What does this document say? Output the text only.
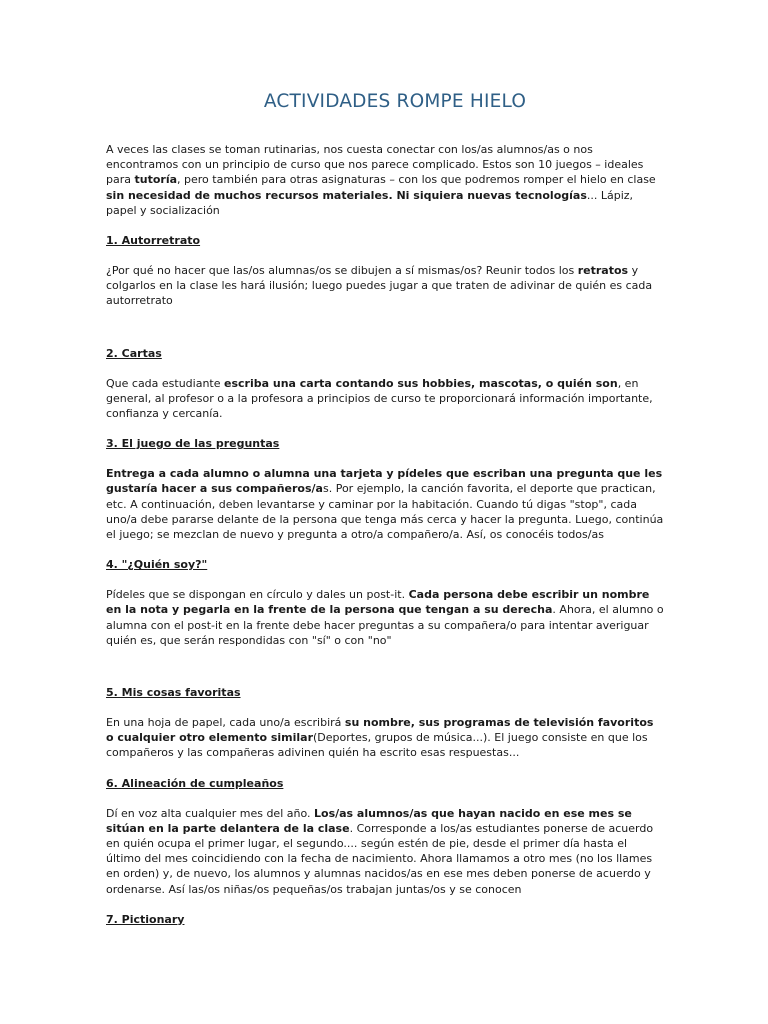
ACTIVIDADES ROMPE HIELO

A veces las clases se toman rutinarias, nos cuesta conectar con los/as alumnos/as o nos encontramos con un principio de curso que nos parece complicado. Estos son 10 juegos – ideales para tutoría, pero también para otras asignaturas – con los que podremos romper el hielo en clase sin necesidad de muchos recursos materiales. Ni siquiera nuevas tecnologías... Lápiz, papel y socialización

1. Autorretrato

¿Por qué no hacer que las/os alumnas/os se dibujen a sí mismas/os? Reunir todos los retratos y colgarlos en la clase les hará ilusión; luego puedes jugar a que traten de adivinar de quién es cada autorretrato

2. Cartas

Que cada estudiante escriba una carta contando sus hobbies, mascotas, o quién son, en general, al profesor o a la profesora a principios de curso te proporcionará información importante, confianza y cercanía.

3. El juego de las preguntas

Entrega a cada alumno o alumna una tarjeta y pídeles que escriban una pregunta que les gustaría hacer a sus compañeros/as. Por ejemplo, la canción favorita, el deporte que practican, etc. A continuación, deben levantarse y caminar por la habitación. Cuando tú digas "stop", cada uno/a debe pararse delante de la persona que tenga más cerca y hacer la pregunta. Luego, continúa el juego; se mezclan de nuevo y pregunta a otro/a compañero/a. Así, os conocéis todos/as

4. "¿Quién soy?"

Pídeles que se dispongan en círculo y dales un post-it. Cada persona debe escribir un nombre en la nota y pegarla en la frente de la persona que tengan a su derecha. Ahora, el alumno o alumna con el post-it en la frente debe hacer preguntas a su compañera/o para intentar averiguar quién es, que serán respondidas con "sí" o con "no"

5. Mis cosas favoritas

En una hoja de papel, cada uno/a escribirá su nombre, sus programas de televisión favoritos o cualquier otro elemento similar(Deportes, grupos de música...). El juego consiste en que los compañeros y las compañeras adivinen quién ha escrito esas respuestas...

6. Alineación de cumpleaños

Dí en voz alta cualquier mes del año. Los/as alumnos/as que hayan nacido en ese mes se sitúan en la parte delantera de la clase. Corresponde a los/as estudiantes ponerse de acuerdo en quién ocupa el primer lugar, el segundo.... según estén de pie, desde el primer día hasta el último del mes coincidiendo con la fecha de nacimiento. Ahora llamamos a otro mes (no los llames en orden) y, de nuevo, los alumnos y alumnas nacidos/as en ese mes deben ponerse de acuerdo y ordenarse. Así las/os niñas/os pequeñas/os trabajan juntas/os y se conocen

7. Pictionary
